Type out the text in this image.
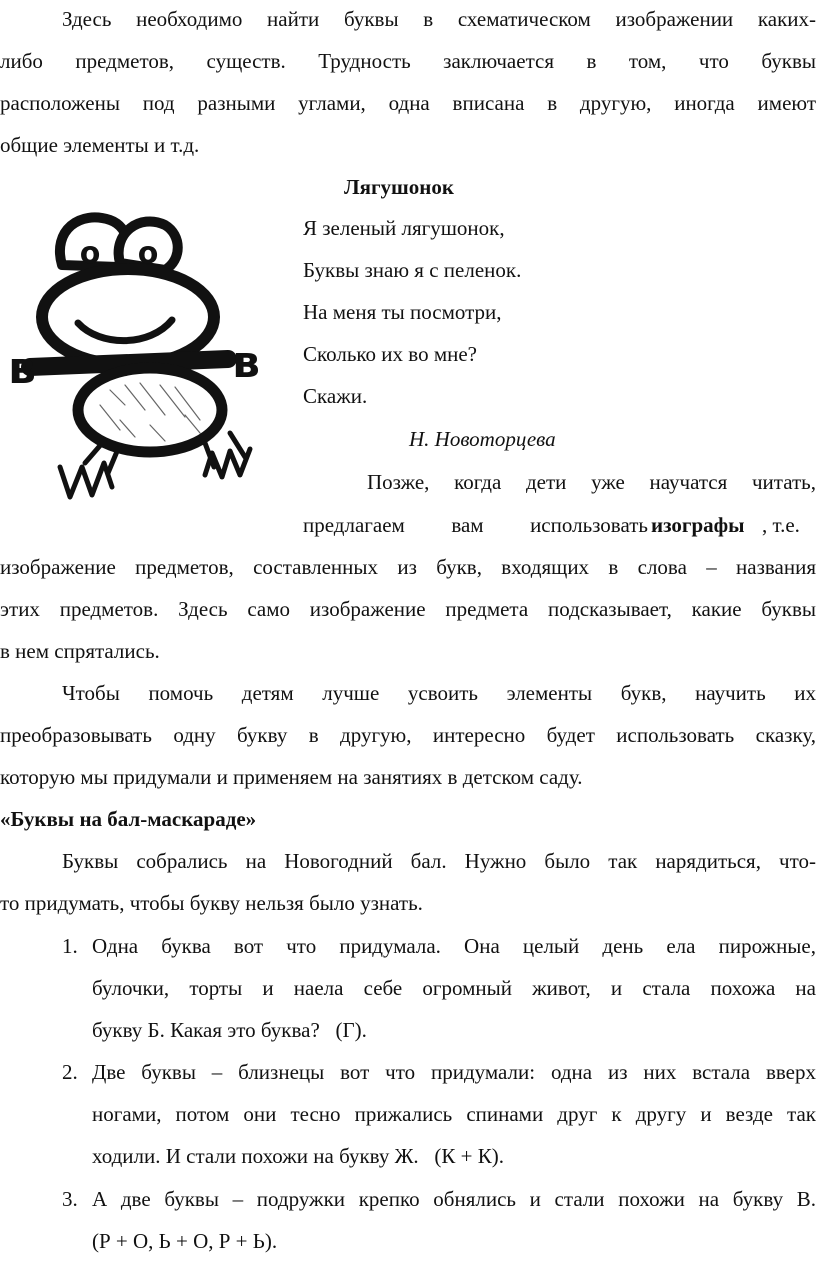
Здесь необходимо найти буквы в схематическом изображении каких-
либо предметов, существ. Трудность заключается в том, что буквы
расположены под разными углами, одна вписана в другую, иногда имеют
общие элементы и т.д.
Лягушонок
Я зеленый лягушонок,
Буквы знаю я с пеленок.
На меня ты посмотри,
Сколько их во мне?
Скажи.
Н. Новоторцева
o o
в	в
Позже, когда дети уже научатся читать,
предлагаем вам использовать изографы , т.е.
изображение предметов, составленных из букв, входящих в слова – названия
этих предметов. Здесь само изображение предмета подсказывает, какие буквы
в нем спрятались.
Чтобы помочь детям лучше усвоить элементы букв, научить их
преобразовывать одну букву в другую, интересно будет использовать сказку,
которую мы придумали и применяем на занятиях в детском саду.
«Буквы на бал-маскараде»
Буквы собрались на Новогодний бал. Нужно было так нарядиться, что-
то придумать, чтобы букву нельзя было узнать.
1. Одна буква вот что придумала. Она целый день ела пирожные,
булочки, торты и наела себе огромный живот, и стала похожа на
букву Б. Какая это буква?   (Г).
2. Две буквы – близнецы вот что придумали: одна из них встала вверх
ногами, потом они тесно прижались спинами друг к другу и везде так
ходили. И стали похожи на букву Ж.   (К + К).
3. А две буквы – подружки крепко обнялись и стали похожи на букву В.
(Р + О, Ь + О, Р + Ь).
